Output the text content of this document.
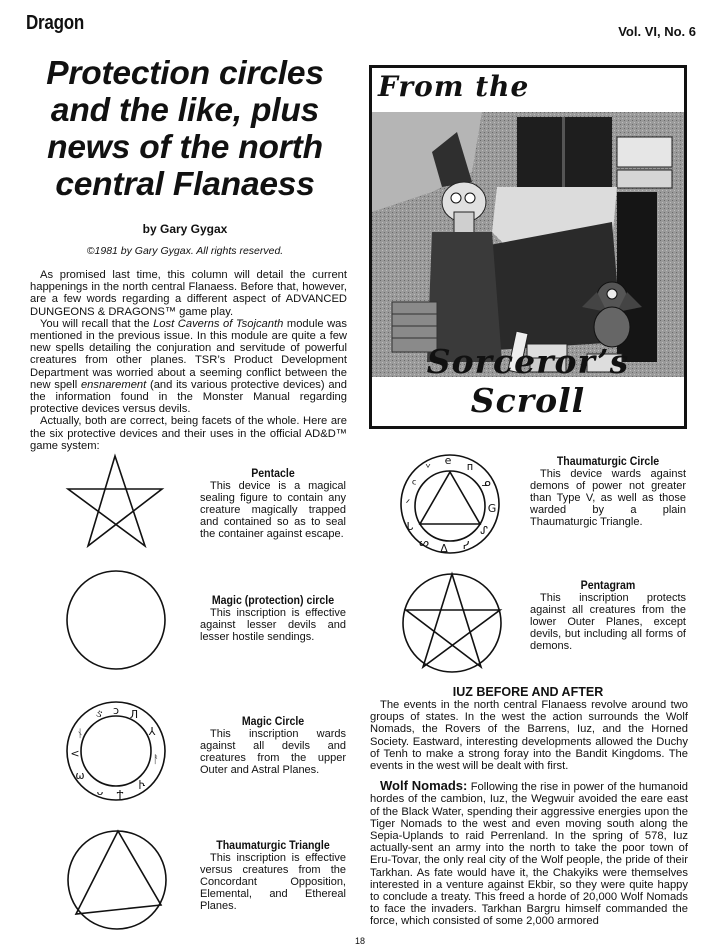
Dragon	Vol. VI, No. 6
Protection circles and the like, plus news of the north central Flanaess
by Gary Gygax
©1981 by Gary Gygax. All rights reserved.

As promised last time, this column will detail the current happenings in the north central Flanaess. Before that, however, are a few words regarding a different aspect of ADVANCED DUNGEONS & DRAGONS™ game play.

You will recall that the Lost Caverns of Tsojcanth module was mentioned in the previous issue. In this module are quite a few new spells detailing the conjuration and servitude of powerful creatures from other planes. TSR’s Product Development Department was worried about a seeming conflict between the new spell ensnarement (and its various protective devices) and the information found in the Monster Manual regarding protective devices versus devils.

Actually, both are correct, being facets of the whole. Here are the six protective devices and their uses in the official AD&D™ game system:

From the
Sorceror’s Scroll
Pentacle
This device is a magical sealing figure to contain any creature magically trapped and contained so as to seal the container against escape.
Magic (protection) circle
This inscription is effective against lesser devils and lesser hostile sendings.
ઙ ɔ Л
⅄
ᚨ
Ⴡ
Ϯ
ᴗ
ω
<
ᚾ
Magic Circle
This inscription wards against all devils and creatures from the upper Outer and Astral Planes.
Thaumaturgic Triangle
This inscription is effective versus creatures from the Concordant Opposition, Elemental, and Ethereal Planes.
e ᴨ
ᓄ
G
ᔑ
ᓯ
Δ
ᔕ
ᒐ
ᐟ
ᑦ
ᘁ	Thaumaturgic Circle
This device wards against demons of power not greater than Type V, as well as those warded by a plain Thaumaturgic Triangle.
Pentagram
This inscription protects against all creatures from the lower Outer Planes, except devils, but including all forms of demons.
IUZ BEFORE AND AFTER

The events in the north central Flanaess revolve around two groups of states. In the west the action surrounds the Wolf Nomads, the Rovers of the Barrens, Iuz, and the Horned Society. Eastward, interesting developments allowed the Duchy of Tenh to make a strong foray into the Bandit Kingdoms. The events in the west will be dealt with first.

Wolf Nomads: Following the rise in power of the humanoid hordes of the cambion, Iuz, the Wegwuir avoided the eare east of the Black Water, spending their aggressive energies upon the Tiger Nomads to the west and even moving south along the Sepia-Uplands to raid Perrenland. In the spring of 578, Iuz actually-sent an army into the north to take the poor town of Eru-Tovar, the only real city of the Wolf people, the pride of their Tarkhan. As fate would have it, the Chakyiks were themselves interested in a venture against Ekbir, so they were quite happy to conclude a treaty. This freed a horde of 20,000 Wolf Nomads to face the invaders. Tarkhan Bargru himself commanded the force, which consisted of some 2,000 armored

18
